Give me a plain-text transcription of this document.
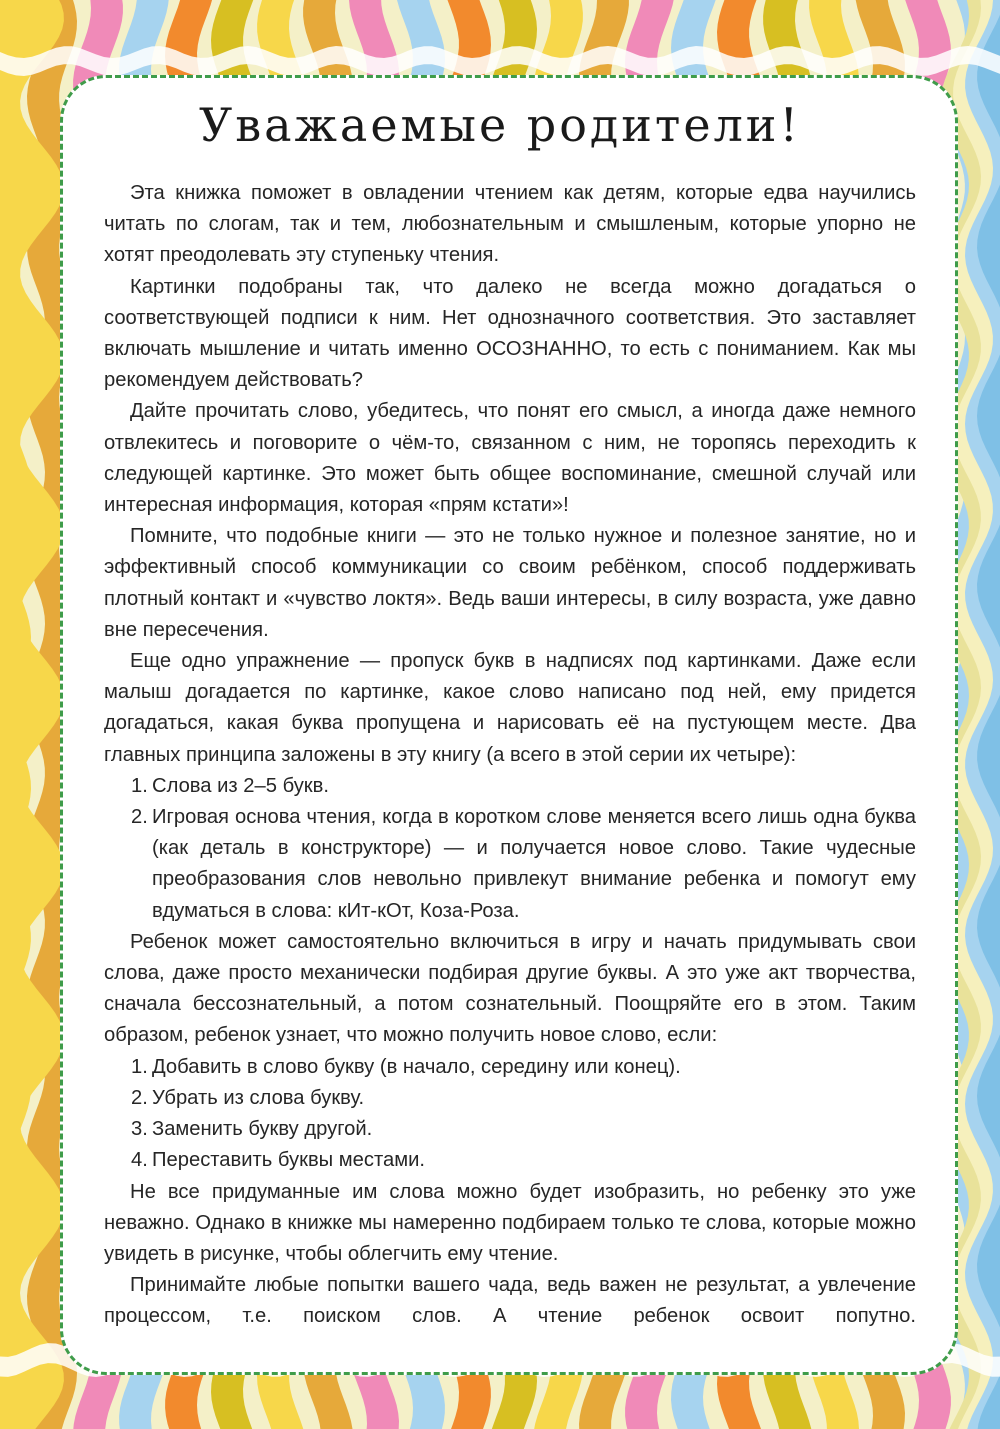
Уважаемые родители!

Эта книжка поможет в овладении чтением как детям, которые едва научились читать по слогам, так и тем, любознательным и смышленым, которые упорно не хотят преодолевать эту ступеньку чтения.

Картинки подобраны так, что далеко не всегда можно догадаться о соответствующей подписи к ним. Нет однозначного соответствия. Это заставляет включать мышление и читать именно ОСОЗНАННО, то есть с пониманием. Как мы рекомендуем действовать?

Дайте прочитать слово, убедитесь, что понят его смысл, а иногда даже немного отвлекитесь и поговорите о чём-то, связанном с ним, не торопясь переходить к следующей картинке. Это может быть общее воспоминание, смешной случай или интересная информация, которая «прям кстати»!

Помните, что подобные книги — это не только нужное и полезное занятие, но и эффективный способ коммуникации со своим ребёнком, способ поддерживать плотный контакт и «чувство локтя». Ведь ваши интересы, в силу возраста, уже давно вне пересечения.

Еще одно упражнение — пропуск букв в надписях под картинками. Даже если малыш догадается по картинке, какое слово написано под ней, ему придется догадаться, какая буква пропущена и нарисовать её на пустующем месте. Два главных принципа заложены в эту книгу (а всего в этой серии их четыре):

1. Слова из 2–5 букв.
2. Игровая основа чтения, когда в коротком слове меняется всего лишь одна буква (как деталь в конструкторе) — и получается новое слово. Такие чудесные преобразования слов невольно привлекут внимание ребенка и помогут ему вдуматься в слова: кИт-кОт, Коза-Роза.

Ребенок может самостоятельно включиться в игру и начать придумывать свои слова, даже просто механически подбирая другие буквы. А это уже акт творчества, сначала бессознательный, а потом сознательный. Поощряйте его в этом. Таким образом, ребенок узнает, что можно получить новое слово, если:

1. Добавить в слово букву (в начало, середину или конец).
2. Убрать из слова букву.
3. Заменить букву другой.
4. Переставить буквы местами.

Не все придуманные им слова можно будет изобразить, но ребенку это уже неважно. Однако в книжке мы намеренно подбираем только те слова, которые можно увидеть в рисунке, чтобы облегчить ему чтение.

Принимайте любые попытки вашего чада, ведь важен не результат, а увлечение процессом, т.е. поиском слов. А чтение ребенок освоит попутно.
